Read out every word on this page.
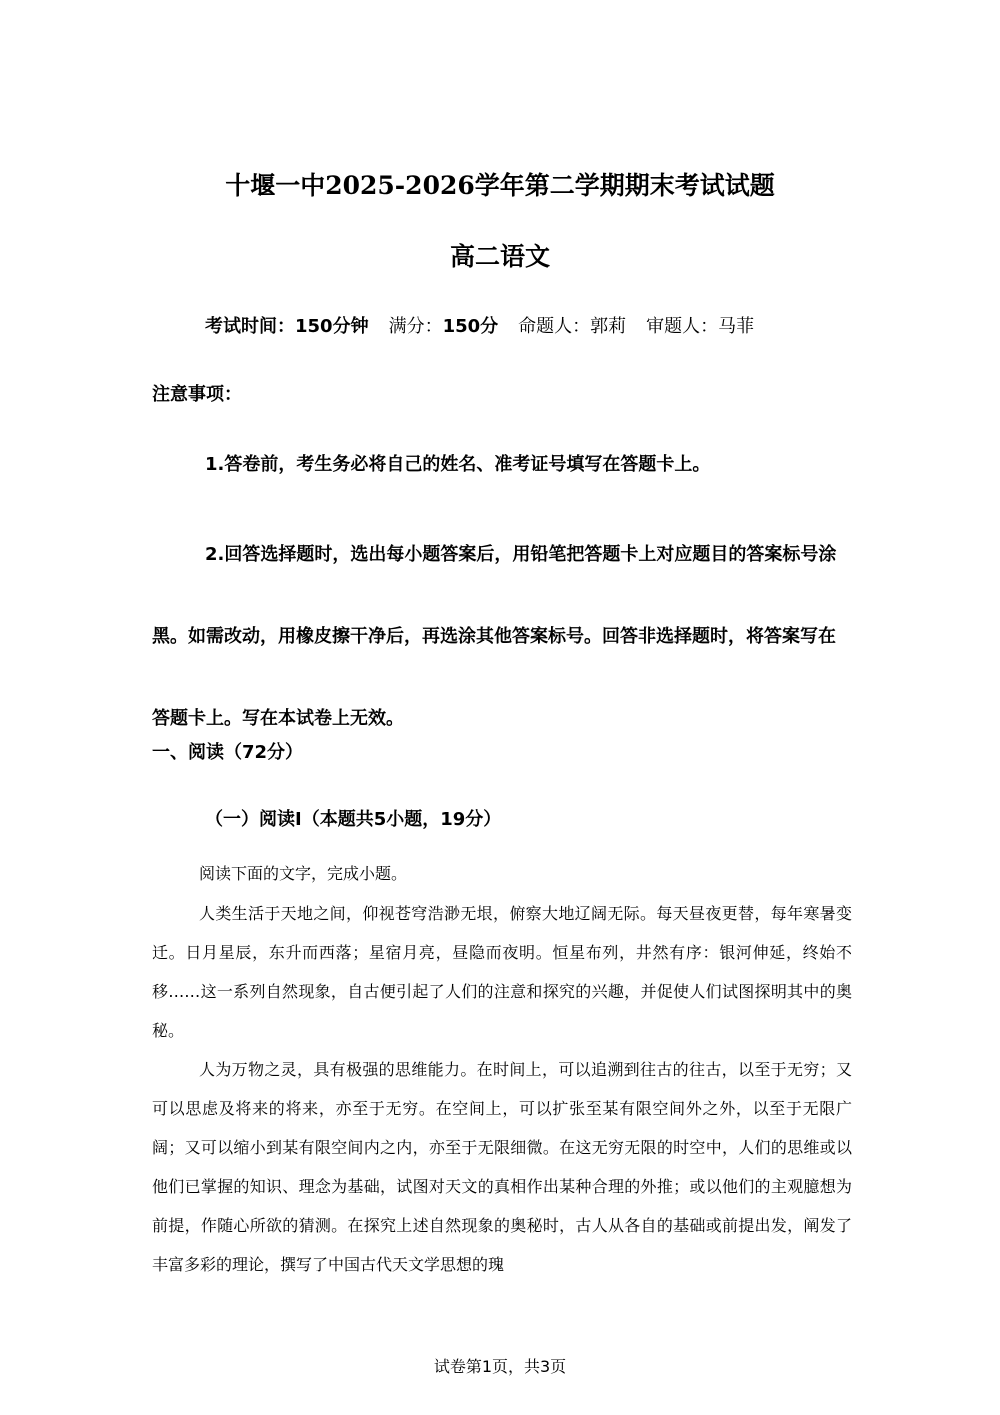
十堰一中2025-2026学年第二学期期末考试试题
高二语文
考试时间：150分钟 满分：150分 命题人：郭莉 审题人：马菲
注意事项：
1.答卷前，考生务必将自己的姓名、准考证号填写在答题卡上。
2.回答选择题时，选出每小题答案后，用铅笔把答题卡上对应题目的答案标号涂黑。如需改动，用橡皮擦干净后，再选涂其他答案标号。回答非选择题时，将答案写在答题卡上。写在本试卷上无效。
一、阅读（72分）
（一）阅读I（本题共5小题，19分）
阅读下面的文字，完成小题。
人类生活于天地之间，仰视苍穹浩渺无垠，俯察大地辽阔无际。每天昼夜更替，每年寒暑变迁。日月星辰，东升而西落；星宿月亮，昼隐而夜明。恒星布列，井然有序：银河伸延，终始不移……这一系列自然现象，自古便引起了人们的注意和探究的兴趣，并促使人们试图探明其中的奥秘。
人为万物之灵，具有极强的思维能力。在时间上，可以追溯到往古的往古，以至于无穷；又可以思虑及将来的将来，亦至于无穷。在空间上，可以扩张至某有限空间外之外，以至于无限广阔；又可以缩小到某有限空间内之内，亦至于无限细微。在这无穷无限的时空中，人们的思维或以他们已掌握的知识、理念为基础，试图对天文的真相作出某种合理的外推；或以他们的主观臆想为前提，作随心所欲的猜测。在探究上述自然现象的奥秘时，古人从各自的基础或前提出发，阐发了丰富多彩的理论，撰写了中国古代天文学思想的瑰
试卷第1页，共3页
